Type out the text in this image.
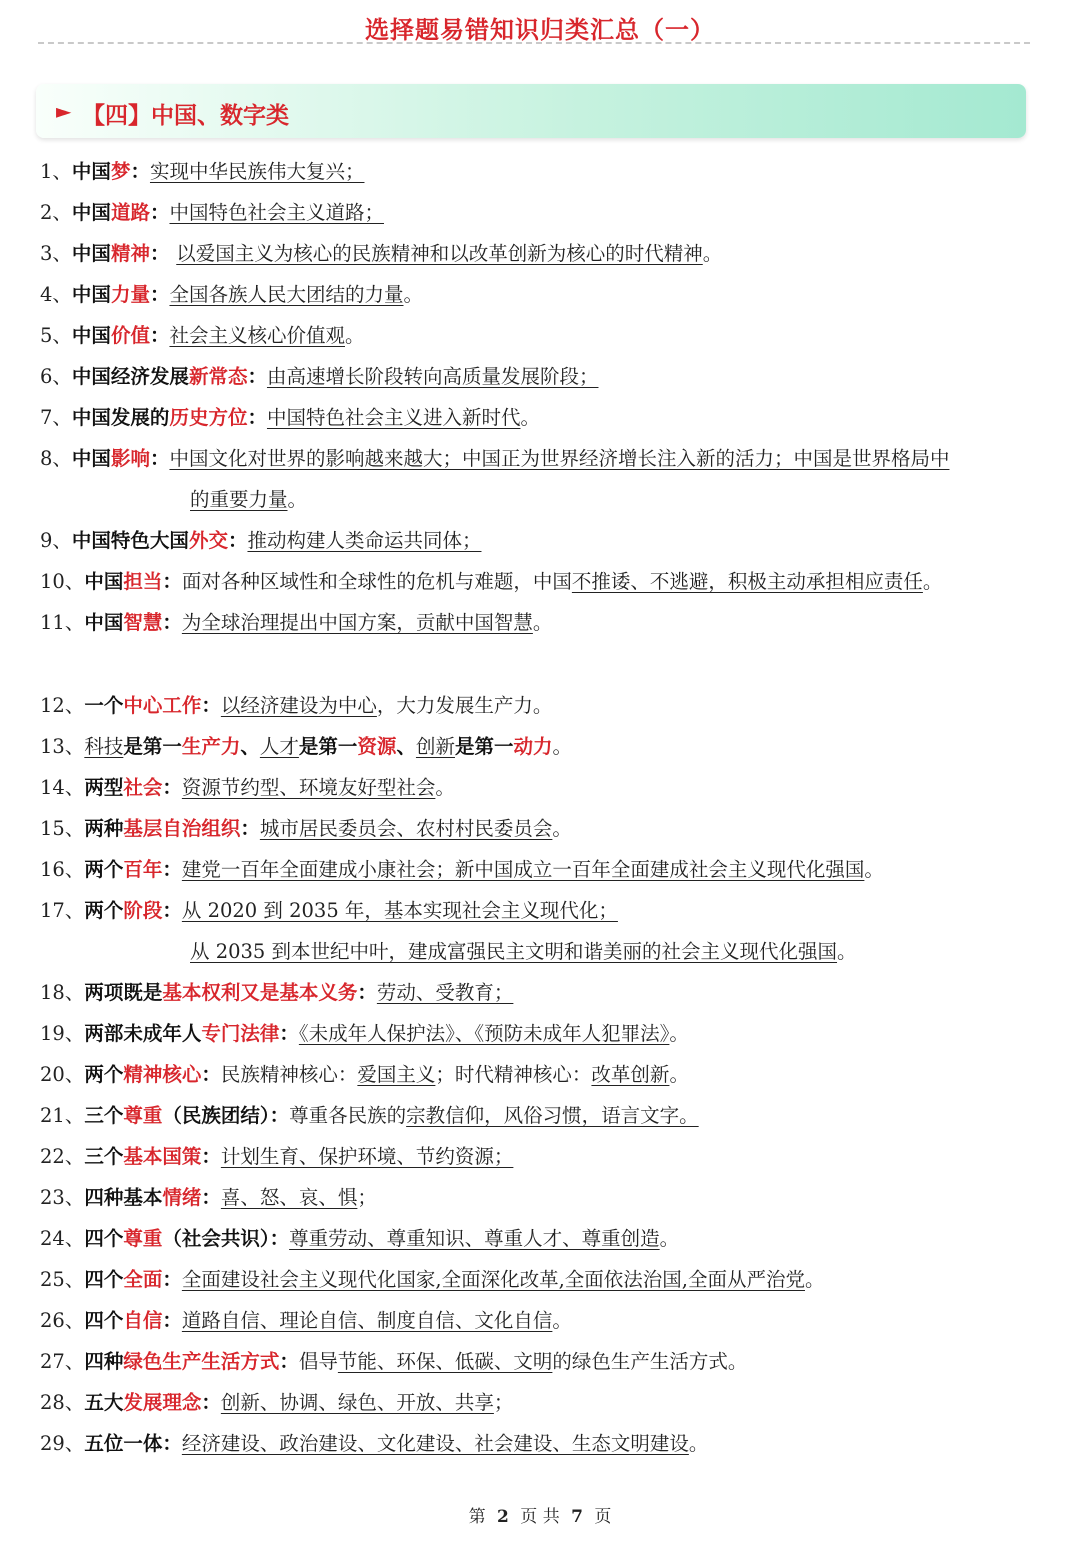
选择题易错知识归类汇总（一）
► 【四】中国、数字类
1、中国梦：实现中华民族伟大复兴；
2、中国道路：中国特色社会主义道路；
3、中国精神： 以爱国主义为核心的民族精神和以改革创新为核心的时代精神。
4、中国力量：全国各族人民大团结的力量。
5、中国价值：社会主义核心价值观。
6、中国经济发展新常态：由高速增长阶段转向高质量发展阶段；
7、中国发展的历史方位：中国特色社会主义进入新时代。
8、中国影响：中国文化对世界的影响越来越大；中国正为世界经济增长注入新的活力；中国是世界格局中
的重要力量。
9、中国特色大国外交：推动构建人类命运共同体；
10、中国担当：面对各种区域性和全球性的危机与难题，中国不推诿、不逃避，积极主动承担相应责任。
11、中国智慧：为全球治理提出中国方案，贡献中国智慧。
12、一个中心工作：以经济建设为中心，大力发展生产力。
13、科技是第一生产力、人才是第一资源、创新是第一动力。
14、两型社会：资源节约型、环境友好型社会。
15、两种基层自治组织：城市居民委员会、农村村民委员会。
16、两个百年：建党一百年全面建成小康社会；新中国成立一百年全面建成社会主义现代化强国。
17、两个阶段：从 2020 到 2035 年，基本实现社会主义现代化；
从 2035 到本世纪中叶，建成富强民主文明和谐美丽的社会主义现代化强国。
18、两项既是基本权利又是基本义务：劳动、受教育；
19、两部未成年人专门法律：《未成年人保护法》、《预防未成年人犯罪法》。
20、两个精神核心：民族精神核心：爱国主义；时代精神核心：改革创新。
21、三个尊重（民族团结）：尊重各民族的宗教信仰，风俗习惯，语言文字。
22、三个基本国策：计划生育、保护环境、节约资源；
23、四种基本情绪：喜、怒、哀、惧；
24、四个尊重（社会共识）：尊重劳动、尊重知识、尊重人才、尊重创造。
25、四个全面：全面建设社会主义现代化国家,全面深化改革,全面依法治国,全面从严治党。
26、四个自信：道路自信、理论自信、制度自信、文化自信。
27、四种绿色生产生活方式：倡导节能、环保、低碳、文明的绿色生产生活方式。
28、五大发展理念：创新、协调、绿色、开放、共享；
29、五位一体：经济建设、政治建设、文化建设、社会建设、生态文明建设。
第 2 页 共 7 页
